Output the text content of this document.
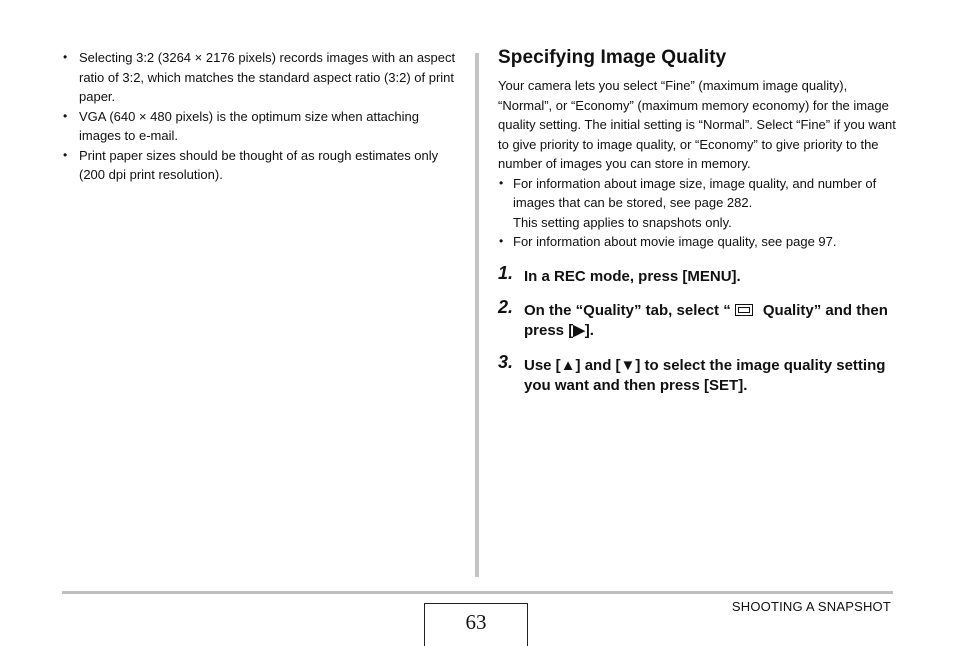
• Selecting 3:2 (3264 × 2176 pixels) records images with an aspect ratio of 3:2, which matches the standard aspect ratio (3:2) of print paper.
• VGA (640 × 480 pixels) is the optimum size when attaching images to e-mail.
• Print paper sizes should be thought of as rough estimates only (200 dpi print resolution).
Specifying Image Quality

Your camera lets you select “Fine” (maximum image quality), “Normal”, or “Economy” (maximum memory economy) for the image quality setting. The initial setting is “Normal”. Select “Fine” if you want to give priority to image quality, or “Economy” to give priority to the number of images you can store in memory.

• For information about image size, image quality, and number of images that can be stored, see page 282.
This setting applies to snapshots only.
• For information about movie image quality, see page 97.
1. In a REC mode, press [MENU].
2. On the “Quality” tab, select “ Quality” and then press [▶].
3. Use [▲] and [▼] to select the image quality setting you want and then press [SET].
63
SHOOTING A SNAPSHOT
